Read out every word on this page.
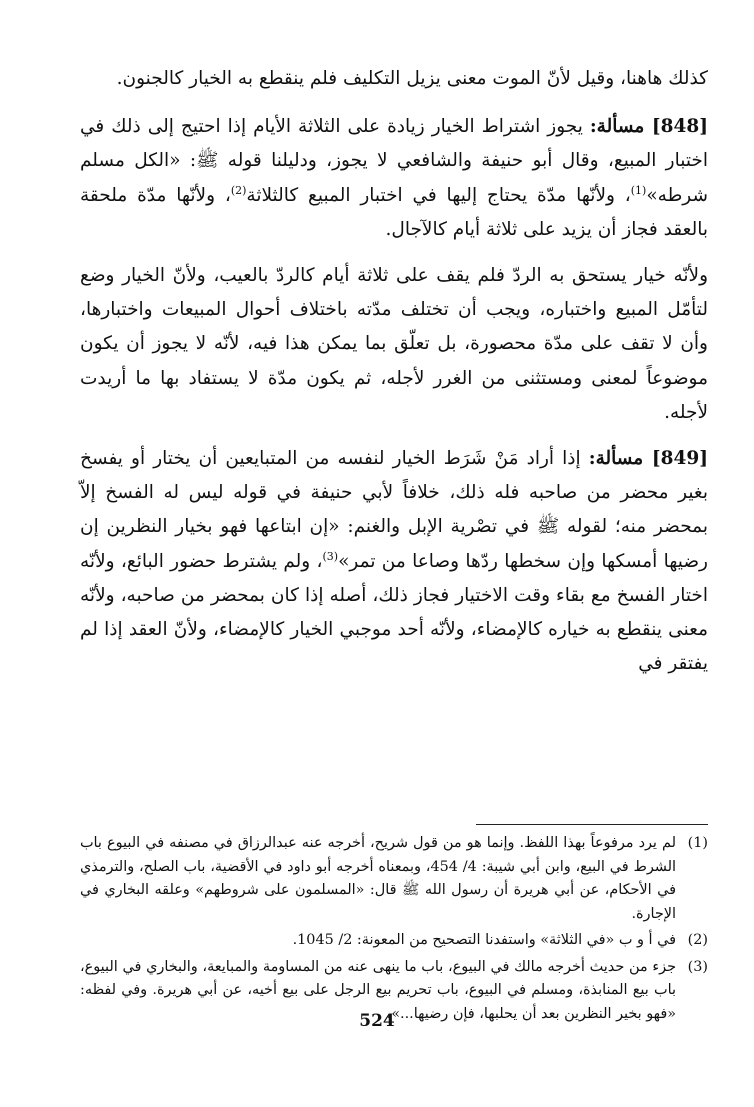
كذلك هاهنا، وقيل لأنّ الموت معنى يزيل التكليف فلم ينقطع به الخيار كالجنون.

[848] مسألة: يجوز اشتراط الخيار زيادة على الثلاثة الأيام إذا احتيج إلى ذلك في اختبار المبيع، وقال أبو حنيفة والشافعي لا يجوز، ودليلنا قوله ﷺ: «الكل مسلم شرطه»$^{(1)}$، ولأنّها مدّة يحتاج إليها في اختبار المبيع كالثلاثة$^{(2)}$، ولأنّها مدّة ملحقة بالعقد فجاز أن يزيد على ثلاثة أيام كالآجال.

ولأنّه خيار يستحق به الردّ فلم يقف على ثلاثة أيام كالردّ بالعيب، ولأنّ الخيار وضع لتأمّل المبيع واختباره، ويجب أن تختلف مدّته باختلاف أحوال المبيعات واختبارها، وأن لا تقف على مدّة محصورة، بل تعلّق بما يمكن هذا فيه، لأنّه لا يجوز أن يكون موضوعاً لمعنى ومستثنى من الغرر لأجله، ثم يكون مدّة لا يستفاد بها ما أريدت لأجله.

[849] مسألة: إذا أراد مَنْ شَرَط الخيار لنفسه من المتبايعين أن يختار أو يفسخ بغير محضر من صاحبه فله ذلك، خلافاً لأبي حنيفة في قوله ليس له الفسخ إلاّ بمحضر منه؛ لقوله ﷺ في تصْرية الإبل والغنم: «إن ابتاعها فهو بخيار النظرين إن رضيها أمسكها وإن سخطها ردّها وصاعا من تمر»$^{(3)}$، ولم يشترط حضور البائع، ولأنّه اختار الفسخ مع بقاء وقت الاختيار فجاز ذلك، أصله إذا كان بمحضر من صاحبه، ولأنّه معنى ينقطع به خياره كالإمضاء، ولأنّه أحد موجبي الخيار كالإمضاء، ولأنّ العقد إذا لم يفتقر في

(1)
لم يرد مرفوعاً بهذا اللفظ. وإنما هو من قول شريح، أخرجه عنه عبدالرزاق في مصنفه في البيوع باب الشرط في البيع، وابن أبي شيبة: 4/ 454، وبمعناه أخرجه أبو داود في الأقضية، باب الصلح، والترمذي في الأحكام، عن أبي هريرة أن رسول الله ﷺ قال: «المسلمون على شروطهم» وعلقه البخاري في الإجارة.
(2)
في أ و ب «في الثلاثة» واستفدنا التصحيح من المعونة: 2/ 1045.
(3)
جزء من حديث أخرجه مالك في البيوع، باب ما ينهى عنه من المساومة والمبايعة، والبخاري في البيوع، باب بيع المنابذة، ومسلم في البيوع، باب تحريم بيع الرجل على بيع أخيه، عن أبي هريرة. وفي لفظه: «فهو بخير النظرين بعد أن يحلبها، فإن رضيها...».
524
